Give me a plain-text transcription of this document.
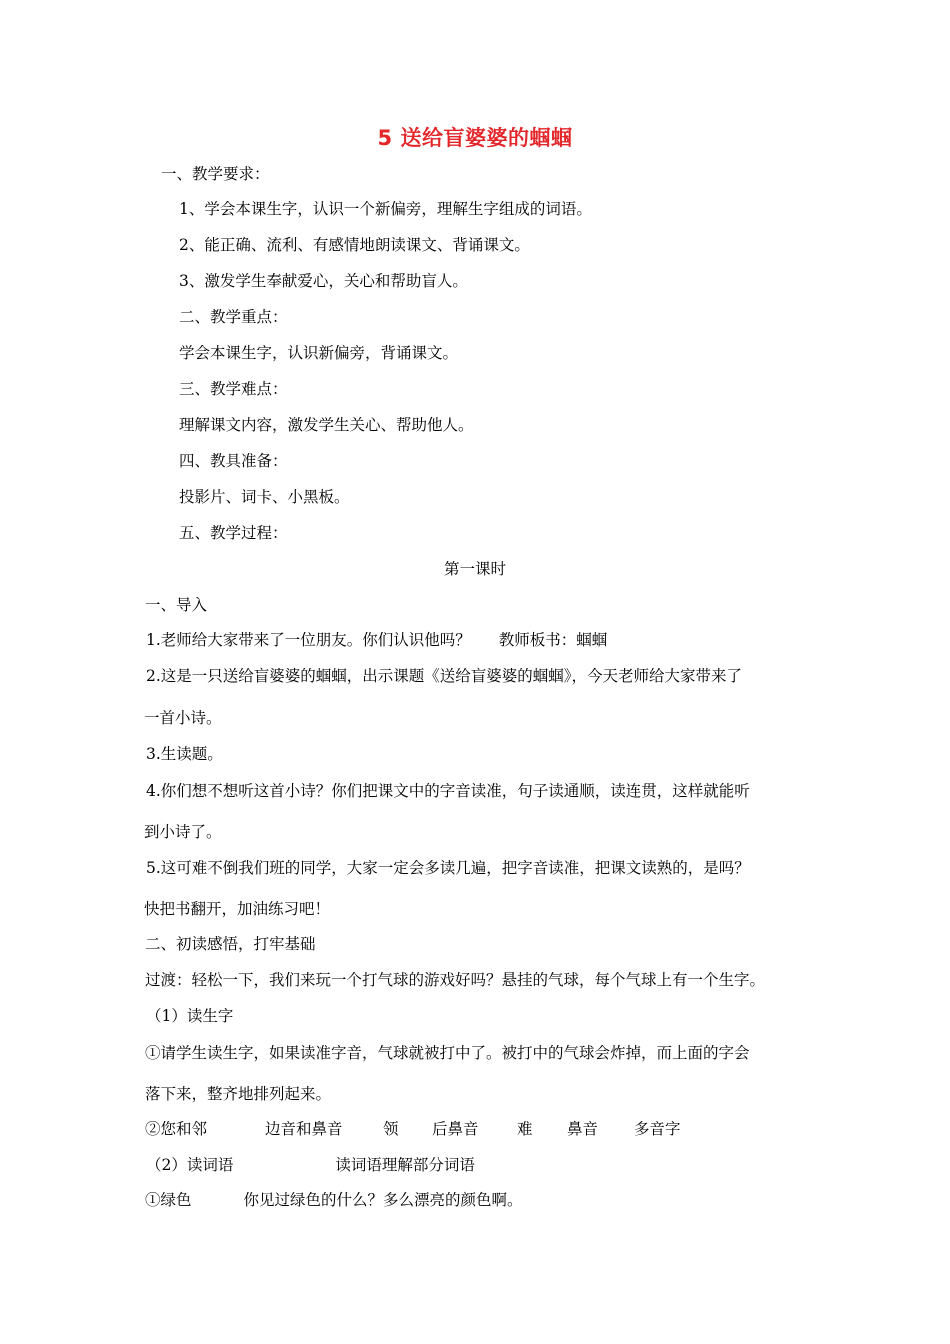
5 送给盲婆婆的蝈蝈
一、教学要求：
1、学会本课生字，认识一个新偏旁，理解生字组成的词语。
2、能正确、流利、有感情地朗读课文、背诵课文。
3、激发学生奉献爱心，关心和帮助盲人。
二、教学重点：
学会本课生字，认识新偏旁，背诵课文。
三、教学难点：
理解课文内容，激发学生关心、帮助他人。
四、教具准备：
投影片、词卡、小黑板。
五、教学过程：
第一课时
一、导入
1.老师给大家带来了一位朋友。你们认识他吗？ 教师板书：蝈蝈
2.这是一只送给盲婆婆的蝈蝈，出示课题《送给盲婆婆的蝈蝈》，今天老师给大家带来了
一首小诗。
3.生读题。
4.你们想不想听这首小诗？你们把课文中的字音读准，句子读通顺，读连贯，这样就能听
到小诗了。
5.这可难不倒我们班的同学，大家一定会多读几遍，把字音读准，把课文读熟的，是吗？
快把书翻开，加油练习吧！
二、初读感悟，打牢基础
过渡：轻松一下，我们来玩一个打气球的游戏好吗？悬挂的气球，每个气球上有一个生字。
（1）读生字
①请学生读生字，如果读准字音，气球就被打中了。被打中的气球会炸掉，而上面的字会
落下来，整齐地排列起来。
②您和邻	边音和鼻音	领 后鼻音 难 鼻音 多音字
（2）读词语	读词语理解部分词语
①绿色	你见过绿色的什么？多么漂亮的颜色啊。
